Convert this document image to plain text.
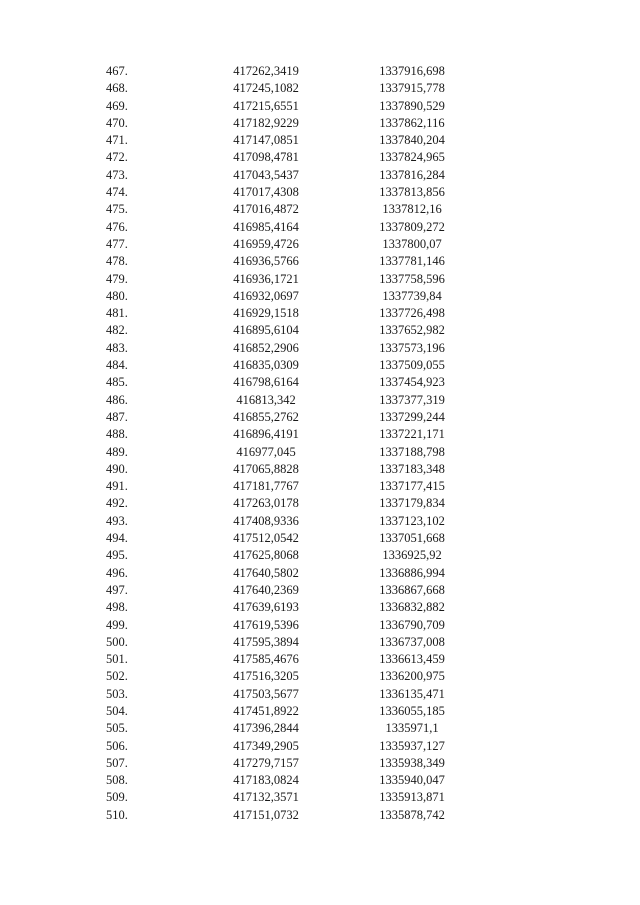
467.	417262,3419	1337916,698
468.	417245,1082	1337915,778
469.	417215,6551	1337890,529
470.	417182,9229	1337862,116
471.	417147,0851	1337840,204
472.	417098,4781	1337824,965
473.	417043,5437	1337816,284
474.	417017,4308	1337813,856
475.	417016,4872	1337812,16
476.	416985,4164	1337809,272
477.	416959,4726	1337800,07
478.	416936,5766	1337781,146
479.	416936,1721	1337758,596
480.	416932,0697	1337739,84
481.	416929,1518	1337726,498
482.	416895,6104	1337652,982
483.	416852,2906	1337573,196
484.	416835,0309	1337509,055
485.	416798,6164	1337454,923
486.	416813,342	1337377,319
487.	416855,2762	1337299,244
488.	416896,4191	1337221,171
489.	416977,045	1337188,798
490.	417065,8828	1337183,348
491.	417181,7767	1337177,415
492.	417263,0178	1337179,834
493.	417408,9336	1337123,102
494.	417512,0542	1337051,668
495.	417625,8068	1336925,92
496.	417640,5802	1336886,994
497.	417640,2369	1336867,668
498.	417639,6193	1336832,882
499.	417619,5396	1336790,709
500.	417595,3894	1336737,008
501.	417585,4676	1336613,459
502.	417516,3205	1336200,975
503.	417503,5677	1336135,471
504.	417451,8922	1336055,185
505.	417396,2844	1335971,1
506.	417349,2905	1335937,127
507.	417279,7157	1335938,349
508.	417183,0824	1335940,047
509.	417132,3571	1335913,871
510.	417151,0732	1335878,742
